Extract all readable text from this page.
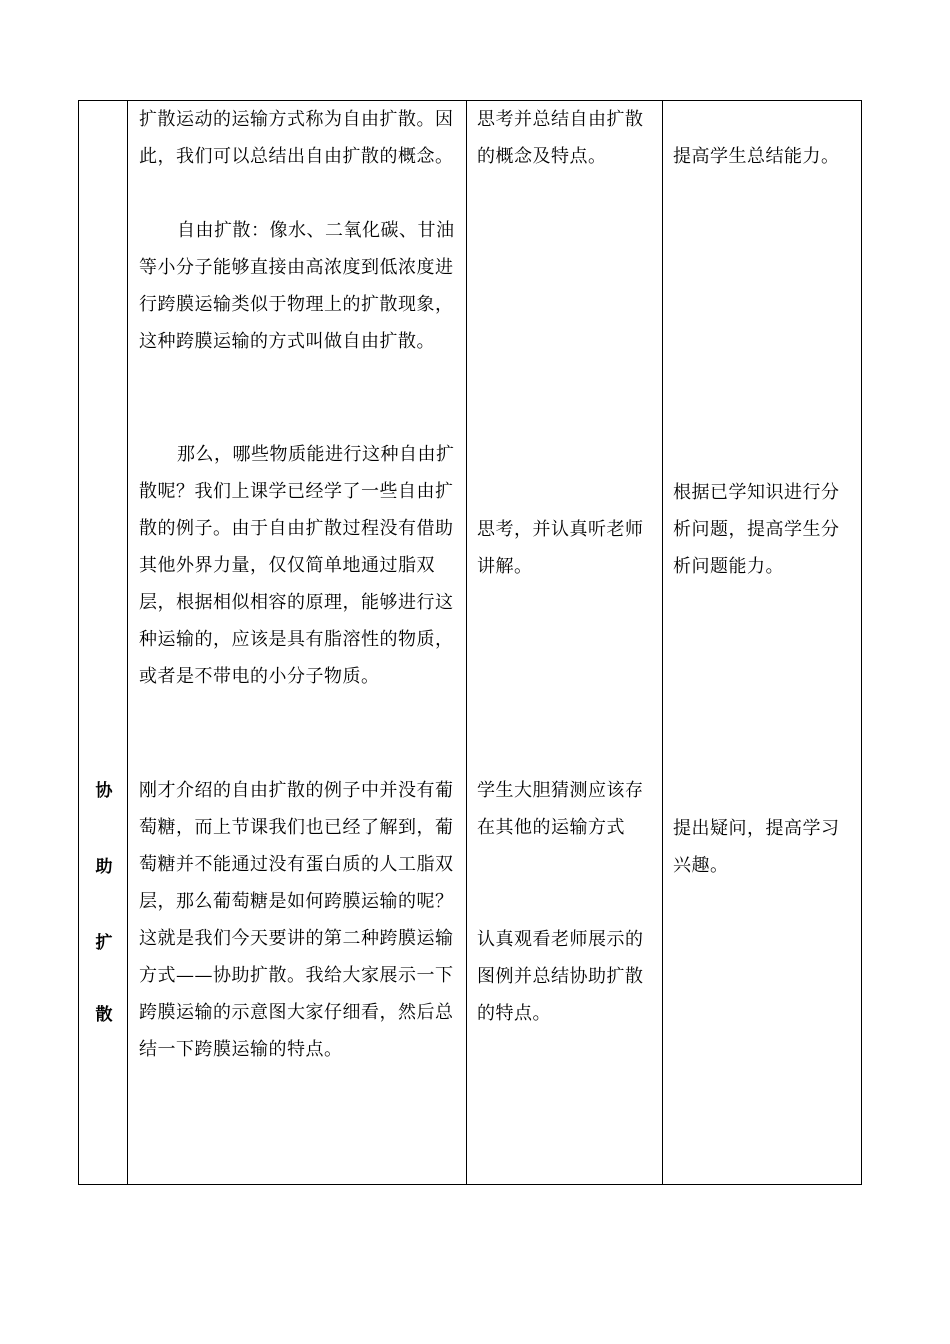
协
助
扩
散

扩散运动的运输方式称为自由扩散。因此，我们可以总结出自由扩散的概念。

自由扩散：像水、二氧化碳、甘油等小分子能够直接由高浓度到低浓度进行跨膜运输类似于物理上的扩散现象，这种跨膜运输的方式叫做自由扩散。

那么，哪些物质能进行这种自由扩散呢？我们上课学已经学了一些自由扩散的例子。由于自由扩散过程没有借助其他外界力量，仅仅简单地通过脂双层，根据相似相容的原理，能够进行这种运输的，应该是具有脂溶性的物质，或者是不带电的小分子物质。

刚才介绍的自由扩散的例子中并没有葡萄糖，而上节课我们也已经了解到，葡萄糖并不能通过没有蛋白质的人工脂双层，那么葡萄糖是如何跨膜运输的呢？这就是我们今天要讲的第二种跨膜运输方式——协助扩散。我给大家展示一下跨膜运输的示意图大家仔细看，然后总结一下跨膜运输的特点。

思考并总结自由扩散的概念及特点。

思考，并认真听老师讲解。

学生大胆猜测应该存在其他的运输方式

认真观看老师展示的图例并总结协助扩散的特点。

提高学生总结能力。

根据已学知识进行分析问题，提高学生分析问题能力。

提出疑问，提高学习兴趣。
